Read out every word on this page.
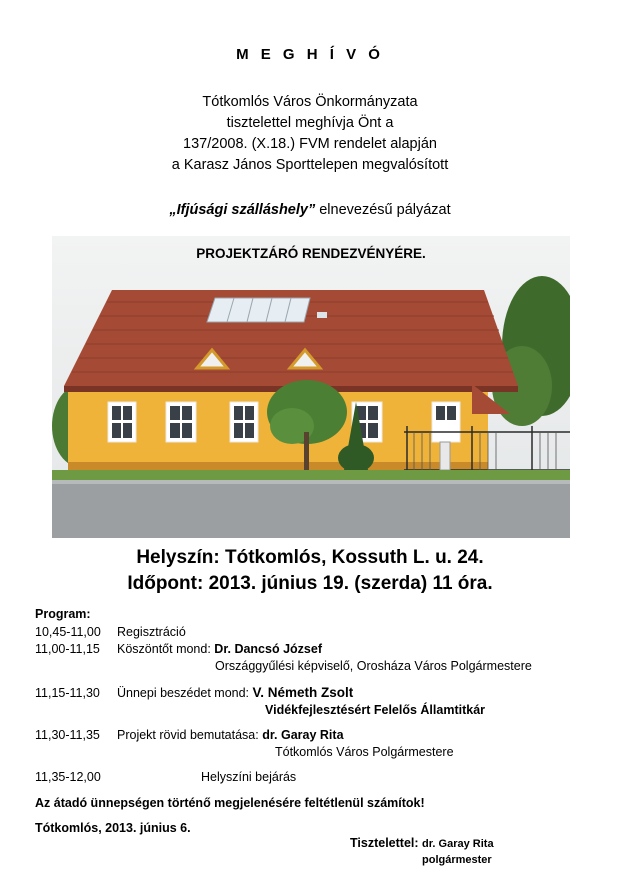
M E G H Í V Ó
Tótkomlós Város Önkormányzata
tisztelettel meghívja Önt a
137/2008. (X.18.) FVM rendelet alapján
a Karasz János Sporttelepen megvalósított
„Ifjúsági szálláshely” elnevezésű pályázat
PROJEKTZÁRÓ RENDEZVÉNYÉRE.
Helyszín: Tótkomlós, Kossuth L. u. 24.
Időpont: 2013. június 19. (szerda) 11 óra.
Program:
10,45-11,00 Regisztráció
11,00-11,15 Köszöntőt mond: Dr. Dancsó József
Országgyűlési képviselő, Orosháza Város Polgármestere
11,15-11,30 Ünnepi beszédet mond: V. Németh Zsolt
Vidékfejlesztésért Felelős Államtitkár
11,30-11,35 Projekt rövid bemutatása: dr. Garay Rita
Tótkomlós Város Polgármestere
11,35-12,00	Helyszíni bejárás
Az átadó ünnepségen történő megjelenésére feltétlenül számítok!
Tótkomlós, 2013. június 6.
Tisztelettel: dr. Garay Rita
polgármester
